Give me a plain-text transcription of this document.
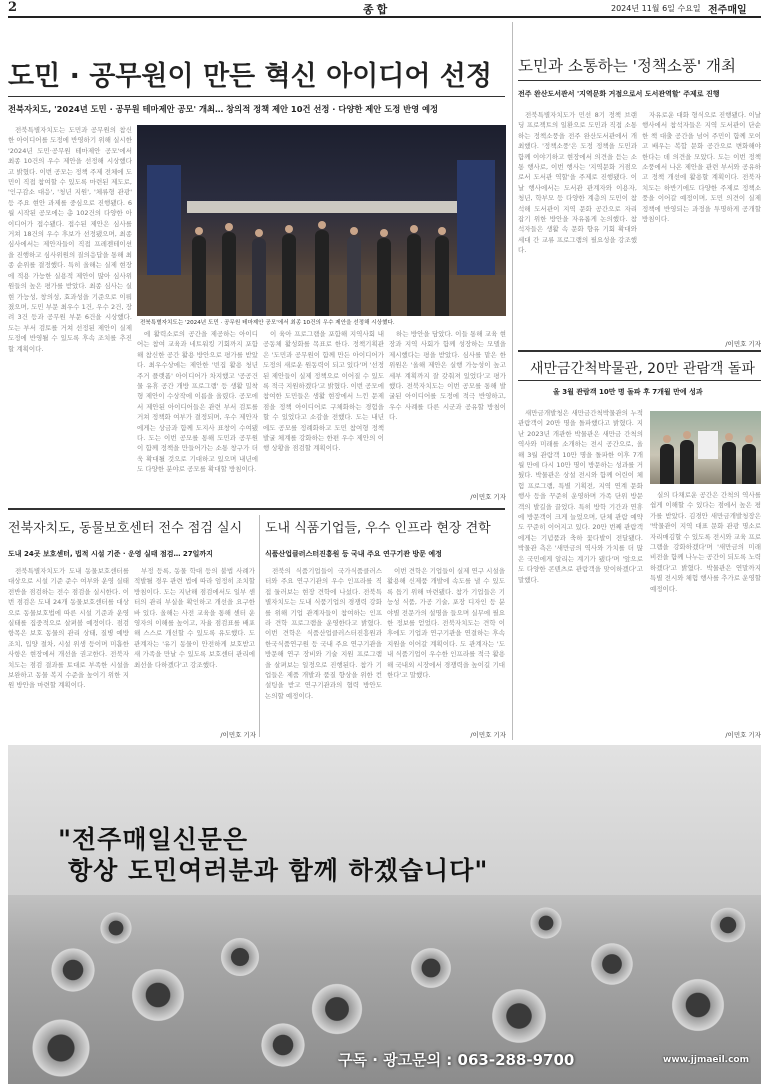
2	종합	2024년 11월 6일 수요일 전주매일
도민 · 공무원이 만든 혁신 아이디어 선정
전북자치도, '2024년 도민 · 공무원 테마제안 공모' 개최… 창의적 정책 제안 10건 선정 · 다양한 제안 도정 반영 예정

전북특별자치도는 도민과 공무원의 참신한 아이디어를 도정에 반영하기 위해 실시한 '2024년 도민·공무원 테마제안 공모'에서 최종 10건의 우수 제안을 선정해 시상했다고 밝혔다. 이번 공모는 정책 주제 전체에 도민이 직접 참여할 수 있도록 마련된 제도로, '인구감소 대응', '청년 지원', '체류형 관광' 등 주요 현안 과제를 중심으로 진행됐다. 6월 시작된 공모에는 총 102건의 다양한 아이디어가 접수됐다. 접수된 제안은 심사를 거쳐 18건의 우수 후보가 선정됐으며, 최종 심사에서는 제안자들이 직접 프레젠테이션을 진행하고 심사위원의 질의응답을 통해 최종 순위를 결정했다. 특히 올해는 실제 현장에 적용 가능한 실용적 제안이 많아 심사위원들의 높은 평가를 받았다. 최종 심사는 실현 가능성, 창의성, 효과성을 기준으로 이뤄졌으며, 도민 부문 최우수 1건, 우수 2건, 장려 3건 등과 공무원 부문 6건을 시상했다. 도는 부서 검토를 거쳐 선정된 제안이 실제 도정에 반영될 수 있도록 후속 조치를 추진할 계획이다.

전북특별자치도는 '2024년 도민 · 공무원 테마제안 공모'에서 최종 10건의 우수 제안을 선정해 시상했다.

에 활력소로의 공간을 제공하는 아이디어는 참여 교육과 네트워킹 기회까지 포함해 참신한 공간 활용 방안으로 평가를 받았다. 최우수상에는 제안한 '빈집 활용 청년 주거 플랫폼' 아이디어가 차지했고 '공공건물 유휴 공간 개방 프로그램' 등 생활 밀착형 제안이 수상작에 이름을 올렸다. 공모에서 제안된 아이디어들은 관련 부서 검토를 거쳐 정책화 여부가 결정되며, 우수 제안자에게는 상금과 함께 도지사 표창이 수여됐다. 도는 이번 공모를 통해 도민과 공무원이 함께 정책을 만들어가는 소통 창구가 더욱 확대될 것으로 기대하고 있으며 내년에도 다양한 분야로 공모를 확대할 방침이다.

이 육아 프로그램을 포함해 지역사회 내 공동체 활성화를 목표로 한다. 정책기획관은 '도민과 공무원이 함께 만든 아이디어가 도정의 새로운 원동력이 되고 있다'며 '선정된 제안들이 실제 정책으로 이어질 수 있도록 적극 지원하겠다'고 밝혔다. 이번 공모에 참여한 도민들은 생활 현장에서 느낀 문제점을 정책 아이디어로 구체화하는 경험을 할 수 있었다고 소감을 전했다. 도는 내년에도 공모를 정례화하고 도민 참여형 정책 발굴 체계를 강화하는 한편 우수 제안의 이행 상황을 점검할 계획이다.

하는 방안을 담았다. 이들 통해 교육 현장과 지역 사회가 함께 성장하는 모델을 제시했다는 평을 받았다. 심사를 맡은 한 위원은 '올해 제안은 실행 가능성이 높고 세부 계획까지 잘 갖춰져 있었다'고 평가했다. 전북자치도는 이번 공모를 통해 발굴된 아이디어를 도정에 적극 반영하고, 우수 사례를 다른 시군과 공유할 방침이다.

/이민호 기자
도민과 소통하는 '정책소풍' 개최
전주 완산도서관서 '지역문화 거점으로서 도서관역할' 주제로 진행

전북특별자치도가 민선 8기 정책 브랜딩 프로젝트의 일환으로 도민과 직접 소통하는 정책소풍을 전주 완산도서관에서 개최했다. '정책소풍'은 도정 정책을 도민과 함께 이야기하고 현장에서 의견을 듣는 소통 행사로, 이번 행사는 '지역문화 거점으로서 도서관 역할'을 주제로 진행됐다. 이날 행사에서는 도서관 관계자와 이용자, 청년, 학부모 등 다양한 계층의 도민이 참석해 도서관이 지역 문화 공간으로 자리 잡기 위한 방안을 자유롭게 논의했다. 참석자들은 생활 속 문화 향유 기회 확대와 세대 간 교류 프로그램의 필요성을 강조했다.

자유로운 대화 형식으로 진행됐다. 이날 행사에서 참석자들은 지역 도서관이 단순한 책 대출 공간을 넘어 주민이 함께 모이고 배우는 복합 문화 공간으로 변화해야 한다는 데 의견을 모았다. 도는 이번 정책소풍에서 나온 제안을 관련 부서와 공유하고 정책 개선에 활용할 계획이다. 전북자치도는 하반기에도 다양한 주제로 정책소풍을 이어갈 예정이며, 도민 의견이 실제 정책에 반영되는 과정을 투명하게 공개할 방침이다.

/이민호 기자
새만금간척박물관, 20만 관람객 돌파
올 3월 관람객 10만 명 돌파 후 7개월 만에 성과

새만금개발청은 새만금간척박물관의 누적 관람객이 20만 명을 돌파했다고 밝혔다. 지난 2023년 개관한 박물관은 새만금 간척의 역사와 미래를 소개하는 전시 공간으로, 올해 3월 관람객 10만 명을 돌파한 이후 7개월 만에 다시 10만 명이 방문하는 성과를 거뒀다. 박물관은 상설 전시와 함께 어린이 체험 프로그램, 특별 기획전, 지역 연계 문화 행사 등을 꾸준히 운영하며 가족 단위 방문객의 발길을 끌었다. 특히 방학 기간과 연휴에 방문객이 크게 늘었으며, 단체 관람 예약도 꾸준히 이어지고 있다. 20만 번째 관람객에게는 기념품과 축하 꽃다발이 전달됐다. 박물관 측은 '새만금의 역사와 가치를 더 많은 국민에게 알리는 계기가 됐다'며 '앞으로도 다양한 콘텐츠로 관람객을 맞이하겠다'고 말했다.

실의 다채로운 공간은 간척의 역사를 쉽게 이해할 수 있다는 점에서 높은 평가를 받았다. 김경안 새만금개발청장은 '박물관이 지역 대표 문화 관광 명소로 자리매김할 수 있도록 전시와 교육 프로그램을 강화하겠다'며 '새만금의 미래 비전을 함께 나누는 공간이 되도록 노력하겠다'고 밝혔다. 박물관은 연말까지 특별 전시와 체험 행사를 추가로 운영할 예정이다.

/이민호 기자
전북자치도, 동물보호센터 전수 점검 실시
도내 24곳 보호센터, 법적 시설 기준 · 운영 실태 점검… 27일까지

전북특별자치도가 도내 동물보호센터를 대상으로 시설 기준 준수 여부와 운영 실태 전반을 점검하는 전수 점검을 실시한다. 이번 점검은 도내 24개 동물보호센터를 대상으로 동물보호법에 따른 시설 기준과 운영 실태를 집중적으로 살펴볼 예정이다. 점검 항목은 보호 동물의 관리 상태, 질병 예방 조치, 입양 절차, 시설 위생 등이며 미흡한 사항은 현장에서 개선을 권고한다. 전북자치도는 점검 결과를 토대로 부족한 시설을 보완하고 동물 복지 수준을 높이기 위한 지원 방안을 마련할 계획이다.

부정 등록, 동물 학대 등의 불법 사례가 적발될 경우 관련 법에 따라 엄정히 조치할 방침이다. 도는 지난해 점검에서도 일부 센터의 관리 부실을 확인하고 개선을 요구한 바 있다. 올해는 사전 교육을 통해 센터 운영자의 이해를 높이고, 자율 점검표를 배포해 스스로 개선할 수 있도록 유도했다. 도 관계자는 '유기 동물이 안전하게 보호받고 새 가족을 만날 수 있도록 보호센터 관리에 최선을 다하겠다'고 강조했다.

/이민호 기자
도내 식품기업들, 우수 인프라 현장 견학
식품산업클러스터진흥원 등 국내 주요 연구기관 방문 예정

전북의 식품기업들이 국가식품클러스터와 주요 연구기관의 우수 인프라를 직접 둘러보는 현장 견학에 나섰다. 전북특별자치도는 도내 식품기업의 경쟁력 강화를 위해 기업 관계자들이 참여하는 인프라 견학 프로그램을 운영한다고 밝혔다. 이번 견학은 식품산업클러스터진흥원과 한국식품연구원 등 국내 주요 연구기관을 방문해 연구 장비와 기술 지원 프로그램을 살펴보는 일정으로 진행된다. 참가 기업들은 제품 개발과 품질 향상을 위한 컨설팅을 받고 연구기관과의 협력 방안도 논의할 예정이다.

이번 견학은 기업들이 실제 연구 시설을 활용해 신제품 개발에 속도를 낼 수 있도록 돕기 위해 마련됐다. 참가 기업들은 기능성 식품, 가공 기술, 포장 디자인 등 분야별 전문가의 설명을 들으며 실무에 필요한 정보를 얻었다. 전북자치도는 견학 이후에도 기업과 연구기관을 연결하는 후속 지원을 이어갈 계획이다. 도 관계자는 '도내 식품기업이 우수한 인프라를 적극 활용해 국내외 시장에서 경쟁력을 높이길 기대한다'고 말했다.

/이민호 기자
"전주매일신문은
항상 도민여러분과 함께 하겠습니다"
구독 · 광고문의 : 063-288-9700	www.jjmaeil.com
